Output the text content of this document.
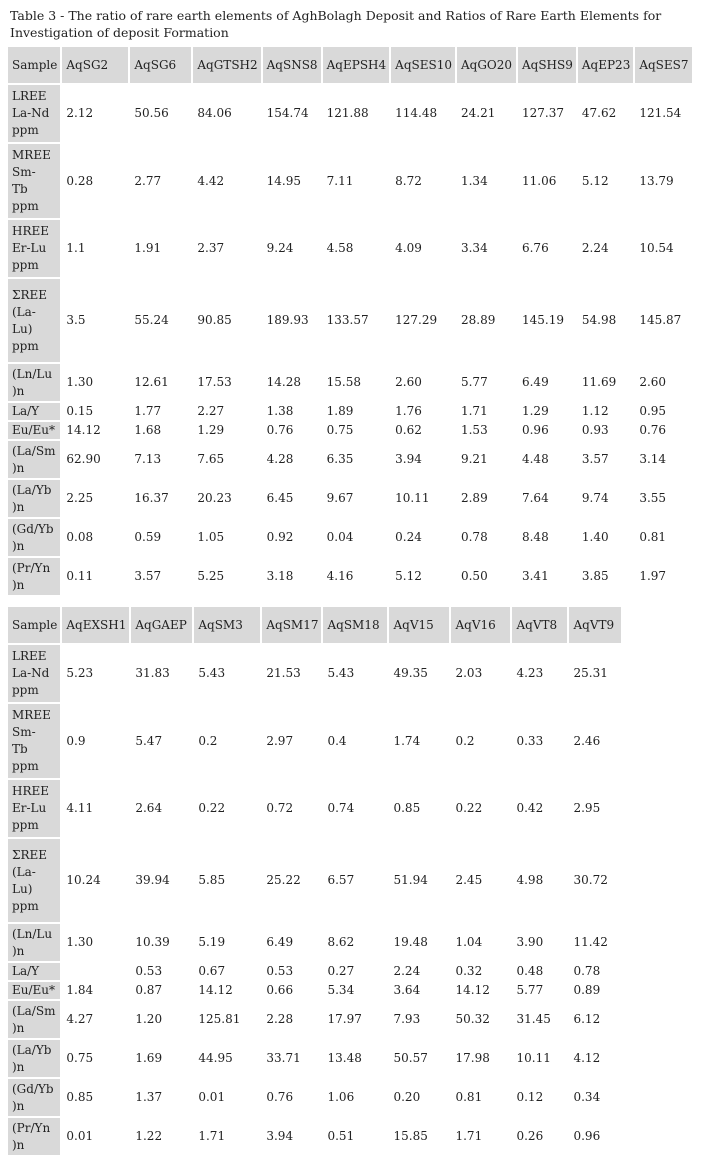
Table 3 - The ratio of rare earth elements of AghBolagh Deposit and Ratios of Rare Earth Elements for Investigation of deposit Formation
Sample	AqSG2	AqSG6	AqGTSH2	AqSNS8	AqEPSH4	AqSES10	AqGO20	AqSHS9	AqEP23	AqSES7

LREE
La-Nd
ppm	2.12	50.56	84.06	154.74	121.88	114.48	24.21	127.37	47.62	121.54

MREE
Sm-
Tb
ppm	0.28	2.77	4.42	14.95	7.11	8.72	1.34	11.06	5.12	13.79

HREE
Er-Lu
ppm	1.1	1.91	2.37	9.24	4.58	4.09	3.34	6.76	2.24	10.54

ΣREE
(La-
Lu)
ppm	3.5	55.24	90.85	189.93	133.57	127.29	28.89	145.19	54.98	145.87

(Ln/Lu
)n	1.30	12.61	17.53	14.28	15.58	2.60	5.77	6.49	11.69	2.60

La/Y	0.15	1.77	2.27	1.38	1.89	1.76	1.71	1.29	1.12	0.95

Eu/Eu*	14.12	1.68	1.29	0.76	0.75	0.62	1.53	0.96	0.93	0.76

(La/Sm
)n	62.90	7.13	7.65	4.28	6.35	3.94	9.21	4.48	3.57	3.14

(La/Yb
)n	2.25	16.37	20.23	6.45	9.67	10.11	2.89	7.64	9.74	3.55

(Gd/Yb
)n	0.08	0.59	1.05	0.92	0.04	0.24	0.78	8.48	1.40	0.81

(Pr/Yn
)n	0.11	3.57	5.25	3.18	4.16	5.12	0.50	3.41	3.85	1.97
Sample	AqEXSH1	AqGAEP	AqSM3	AqSM17	AqSM18	AqV15	AqV16	AqVT8	AqVT9

LREE
La-Nd
ppm	5.23	31.83	5.43	21.53	5.43	49.35	2.03	4.23	25.31

MREE
Sm-
Tb
ppm	0.9	5.47	0.2	2.97	0.4	1.74	0.2	0.33	2.46

HREE
Er-Lu
ppm	4.11	2.64	0.22	0.72	0.74	0.85	0.22	0.42	2.95

ΣREE
(La-
Lu)
ppm	10.24	39.94	5.85	25.22	6.57	51.94	2.45	4.98	30.72

(Ln/Lu
)n	1.30	10.39	5.19	6.49	8.62	19.48	1.04	3.90	11.42

La/Y		0.53	0.67	0.53	0.27	2.24	0.32	0.48	0.78

Eu/Eu*	1.84	0.87	14.12	0.66	5.34	3.64	14.12	5.77	0.89

(La/Sm
)n	4.27	1.20	125.81	2.28	17.97	7.93	50.32	31.45	6.12

(La/Yb
)n	0.75	1.69	44.95	33.71	13.48	50.57	17.98	10.11	4.12

(Gd/Yb
)n	0.85	1.37	0.01	0.76	1.06	0.20	0.81	0.12	0.34

(Pr/Yn
)n	0.01	1.22	1.71	3.94	0.51	15.85	1.71	0.26	0.96
